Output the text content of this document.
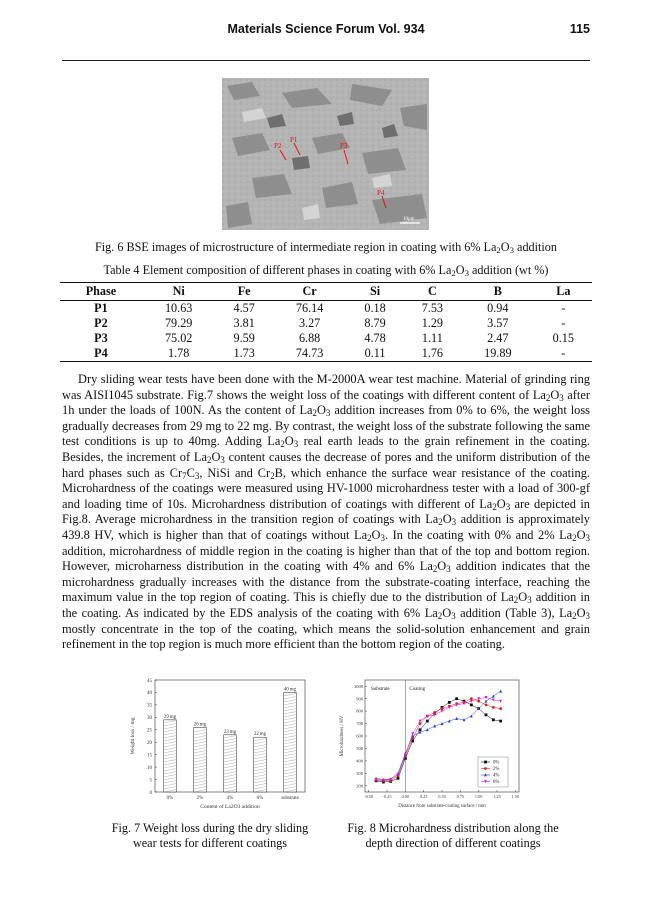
Materials Science Forum Vol. 934	115
P1
P2	P3
P4
10μm
Fig. 6 BSE images of microstructure of intermediate region in coating with 6% $La_2O_3$ addition
Table 4 Element composition of different phases in coating with 6% $La_2O_3$ addition (wt %)
Phase	Ni	Fe	Cr	Si	C	B	La
P1	10.63	4.57	76.14	0.18	7.53	0.94	-
P2	79.29	3.81	3.27	8.79	1.29	3.57	-
P3	75.02	9.59	6.88	4.78	1.11	2.47	0.15
P4	1.78	1.73	74.73	0.11	1.76	19.89	-

Dry sliding wear tests have been done with the M-2000A wear test machine. Material of grinding ring was AISI1045 substrate. Fig.7 shows the weight loss of the coatings with different content of $La_2O_3$ after 1h under the loads of 100N. As the content of $La_2O_3$ addition increases from 0% to 6%, the weight loss gradually decreases from 29 mg to 22 mg. By contrast, the weight loss of the substrate following the same test conditions is up to 40mg. Adding $La_2O_3$ real earth leads to the grain refinement in the coating. Besides, the increment of $La_2O_3$ content causes the decrease of pores and the uniform distribution of the hard phases such as $Cr_7C_3$, NiSi and $Cr_2B$, which enhance the surface wear resistance of the coating. Microhardness of the coatings were measured using HV-1000 microhardness tester with a load of 300-gf and loading time of 10s. Microhardness distribution of coatings with different of $La_2O_3$ are depicted in Fig.8. Average microhardness in the transition region of coatings with $La_2O_3$ addition is approximately 439.8 HV, which is higher than that of coatings without $La_2O_3$. In the coating with 0% and 2% $La_2O_3$ addition, microhardness of middle region in the coating is higher than that of the top and bottom region. However, microharness distribution in the coating with 4% and 6% $La_2O_3$ addition indicates that the microhardness gradually increases with the distance from the substrate-coating interface, reaching the maximum value in the top region of coating. This is chiefly due to the distribution of $La_2O_3$ addition in the coating. As indicated by the EDS analysis of the coating with 6% $La_2O_3$ addition (Table 3), $La_2O_3$ mostly concentrate in the top of the coating, which means the solid-solution enhancement and grain refinement in the top region is much more efficient than the bottom region of the coating.

0
5
10
15
20
25
30
35
40
45
Weight loss / mg
Content of La2O3 addition
29 mg
0%
26 mg
2%
23 mg
4%
22 mg
6%
40 mg
substrate
200
300
400
500
600
700
800
900
1000
-0.50 -0.25 0.00	0.25	0.50	0.75	1.00	1.25	1.50
Substrate	Coating
Microhardness / HV
Distance from substrate-coating surface / mm
0%
2%
4%
6%
Fig. 7 Weight loss during the dry sliding
wear tests for different coatings
Fig. 8 Microhardness distribution along the
depth direction of different coatings
